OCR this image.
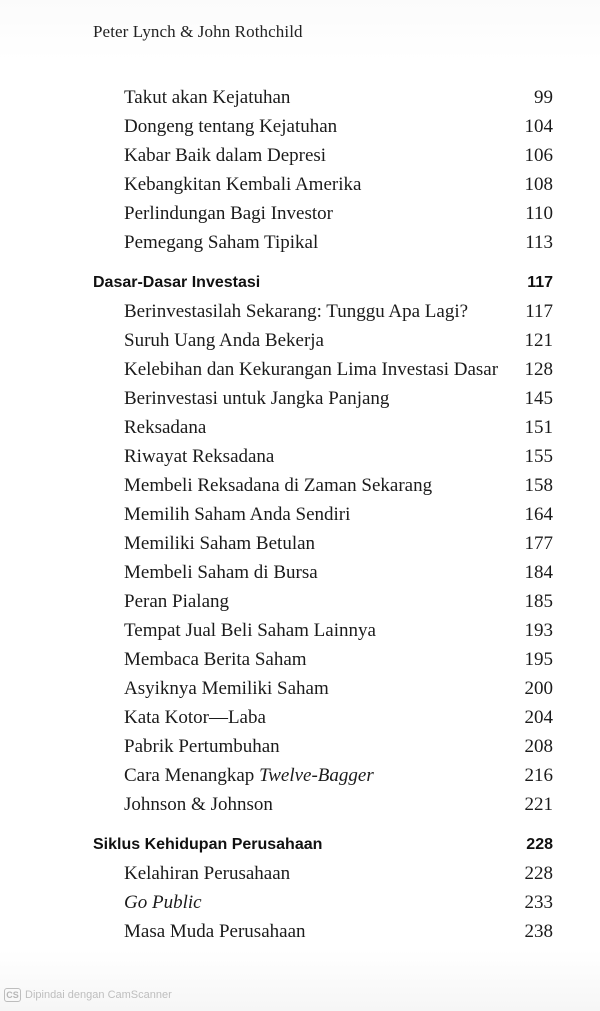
Peter Lynch & John Rothchild
Takut akan Kejatuhan	99
Dongeng tentang Kejatuhan	104
Kabar Baik dalam Depresi	106
Kebangkitan Kembali Amerika	108
Perlindungan Bagi Investor	110
Pemegang Saham Tipikal	113
Dasar-Dasar Investasi	117
Berinvestasilah Sekarang: Tunggu Apa Lagi?	117
Suruh Uang Anda Bekerja	121
Kelebihan dan Kekurangan Lima Investasi Dasar 128
Berinvestasi untuk Jangka Panjang	145
Reksadana	151
Riwayat Reksadana	155
Membeli Reksadana di Zaman Sekarang	158
Memilih Saham Anda Sendiri	164
Memiliki Saham Betulan	177
Membeli Saham di Bursa	184
Peran Pialang	185
Tempat Jual Beli Saham Lainnya	193
Membaca Berita Saham	195
Asyiknya Memiliki Saham	200
Kata Kotor—Laba	204
Pabrik Pertumbuhan	208
Cara Menangkap Twelve-Bagger	216
Johnson & Johnson	221
Siklus Kehidupan Perusahaan	228
Kelahiran Perusahaan	228
Go Public	233
Masa Muda Perusahaan	238
CS Dipindai dengan CamScanner
